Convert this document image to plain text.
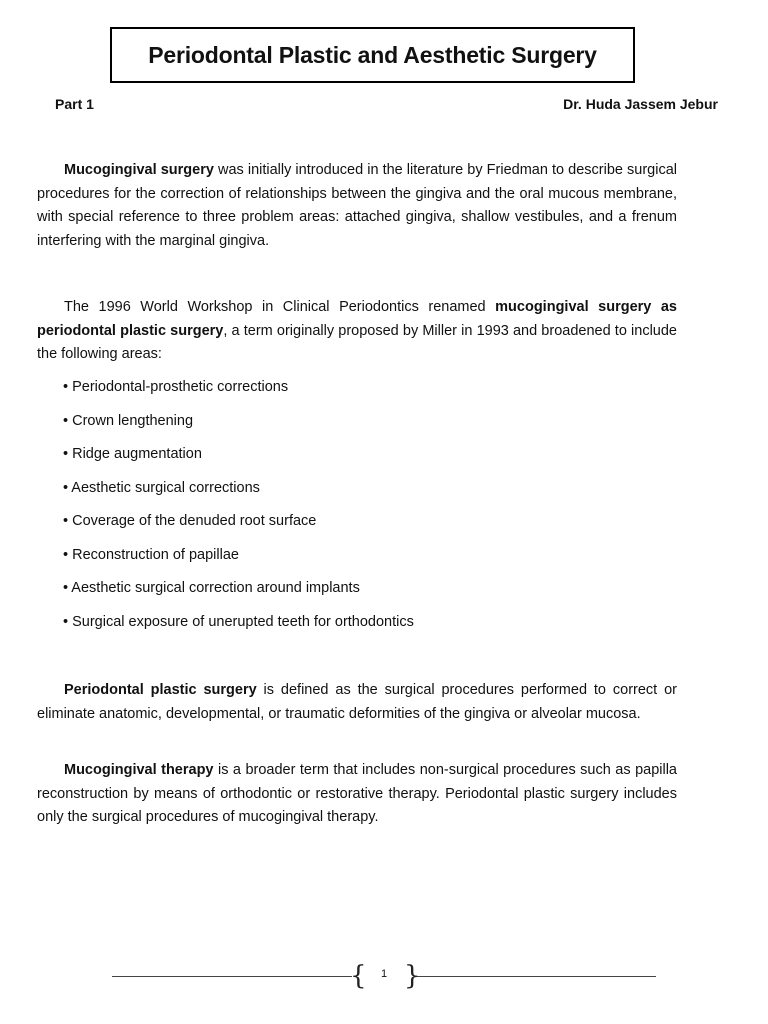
Periodontal Plastic and Aesthetic Surgery
Part 1	Dr. Huda Jassem Jebur

Mucogingival surgery was initially introduced in the literature by Friedman to describe surgical procedures for the correction of relationships between the gingiva and the oral mucous membrane, with special reference to three problem areas: attached gingiva, shallow vestibules, and a frenum interfering with the marginal gingiva.

The 1996 World Workshop in Clinical Periodontics renamed mucogingival surgery as periodontal plastic surgery, a term originally proposed by Miller in 1993 and broadened to include the following areas:

• Periodontal-prosthetic corrections
• Crown lengthening
• Ridge augmentation
• Aesthetic surgical corrections
• Coverage of the denuded root surface
• Reconstruction of papillae
• Aesthetic surgical correction around implants
• Surgical exposure of unerupted teeth for orthodontics

Periodontal plastic surgery is defined as the surgical procedures performed to correct or eliminate anatomic, developmental, or traumatic deformities of the gingiva or alveolar mucosa.

Mucogingival therapy is a broader term that includes non-surgical procedures such as papilla reconstruction by means of orthodontic or restorative therapy. Periodontal plastic surgery includes only the surgical procedures of mucogingival therapy.

{ }
1
